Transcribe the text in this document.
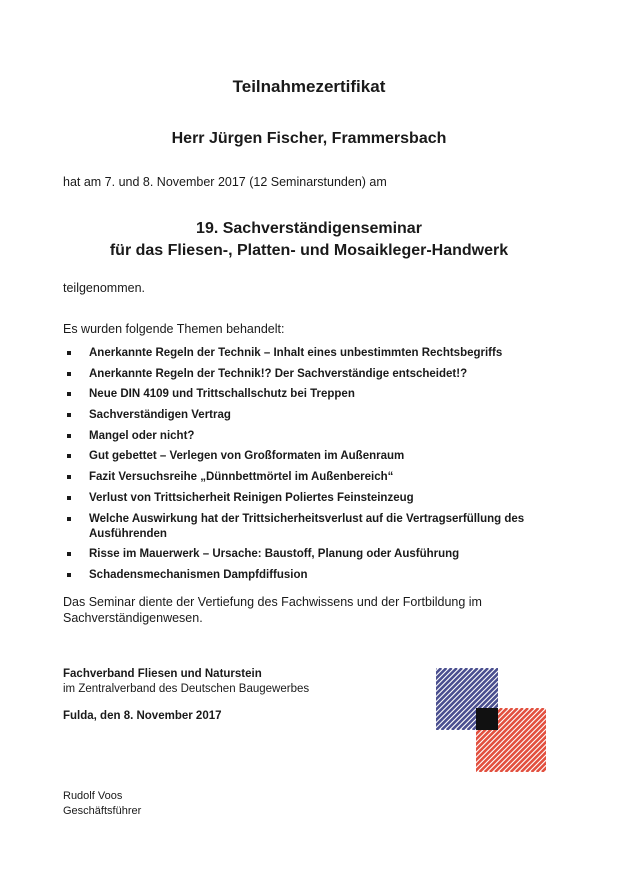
Teilnahmezertifikat
Herr Jürgen Fischer, Frammersbach
hat am 7. und 8. November 2017 (12 Seminarstunden) am
19. Sachverständigenseminar
für das Fliesen-, Platten- und Mosaikleger-Handwerk
teilgenommen.
Es wurden folgende Themen behandelt:
Anerkannte Regeln der Technik – Inhalt eines unbestimmten Rechtsbegriffs
Anerkannte Regeln der Technik!? Der Sachverständige entscheidet!?
Neue DIN 4109 und Trittschallschutz bei Treppen
Sachverständigen Vertrag
Mangel oder nicht?
Gut gebettet – Verlegen von Großformaten im Außenraum
Fazit Versuchsreihe „Dünnbettmörtel im Außenbereich“
Verlust von Trittsicherheit Reinigen Poliertes Feinsteinzeug
Welche Auswirkung hat der Trittsicherheitsverlust auf die Vertragserfüllung des Ausführenden
Risse im Mauerwerk – Ursache: Baustoff, Planung oder Ausführung
Schadensmechanismen Dampfdiffusion
Das Seminar diente der Vertiefung des Fachwissens und der Fortbildung im Sachverständigenwesen.
Fachverband Fliesen und Naturstein
im Zentralverband des Deutschen Baugewerbes
Fulda, den 8. November 2017
Rudolf Voos
Geschäftsführer
